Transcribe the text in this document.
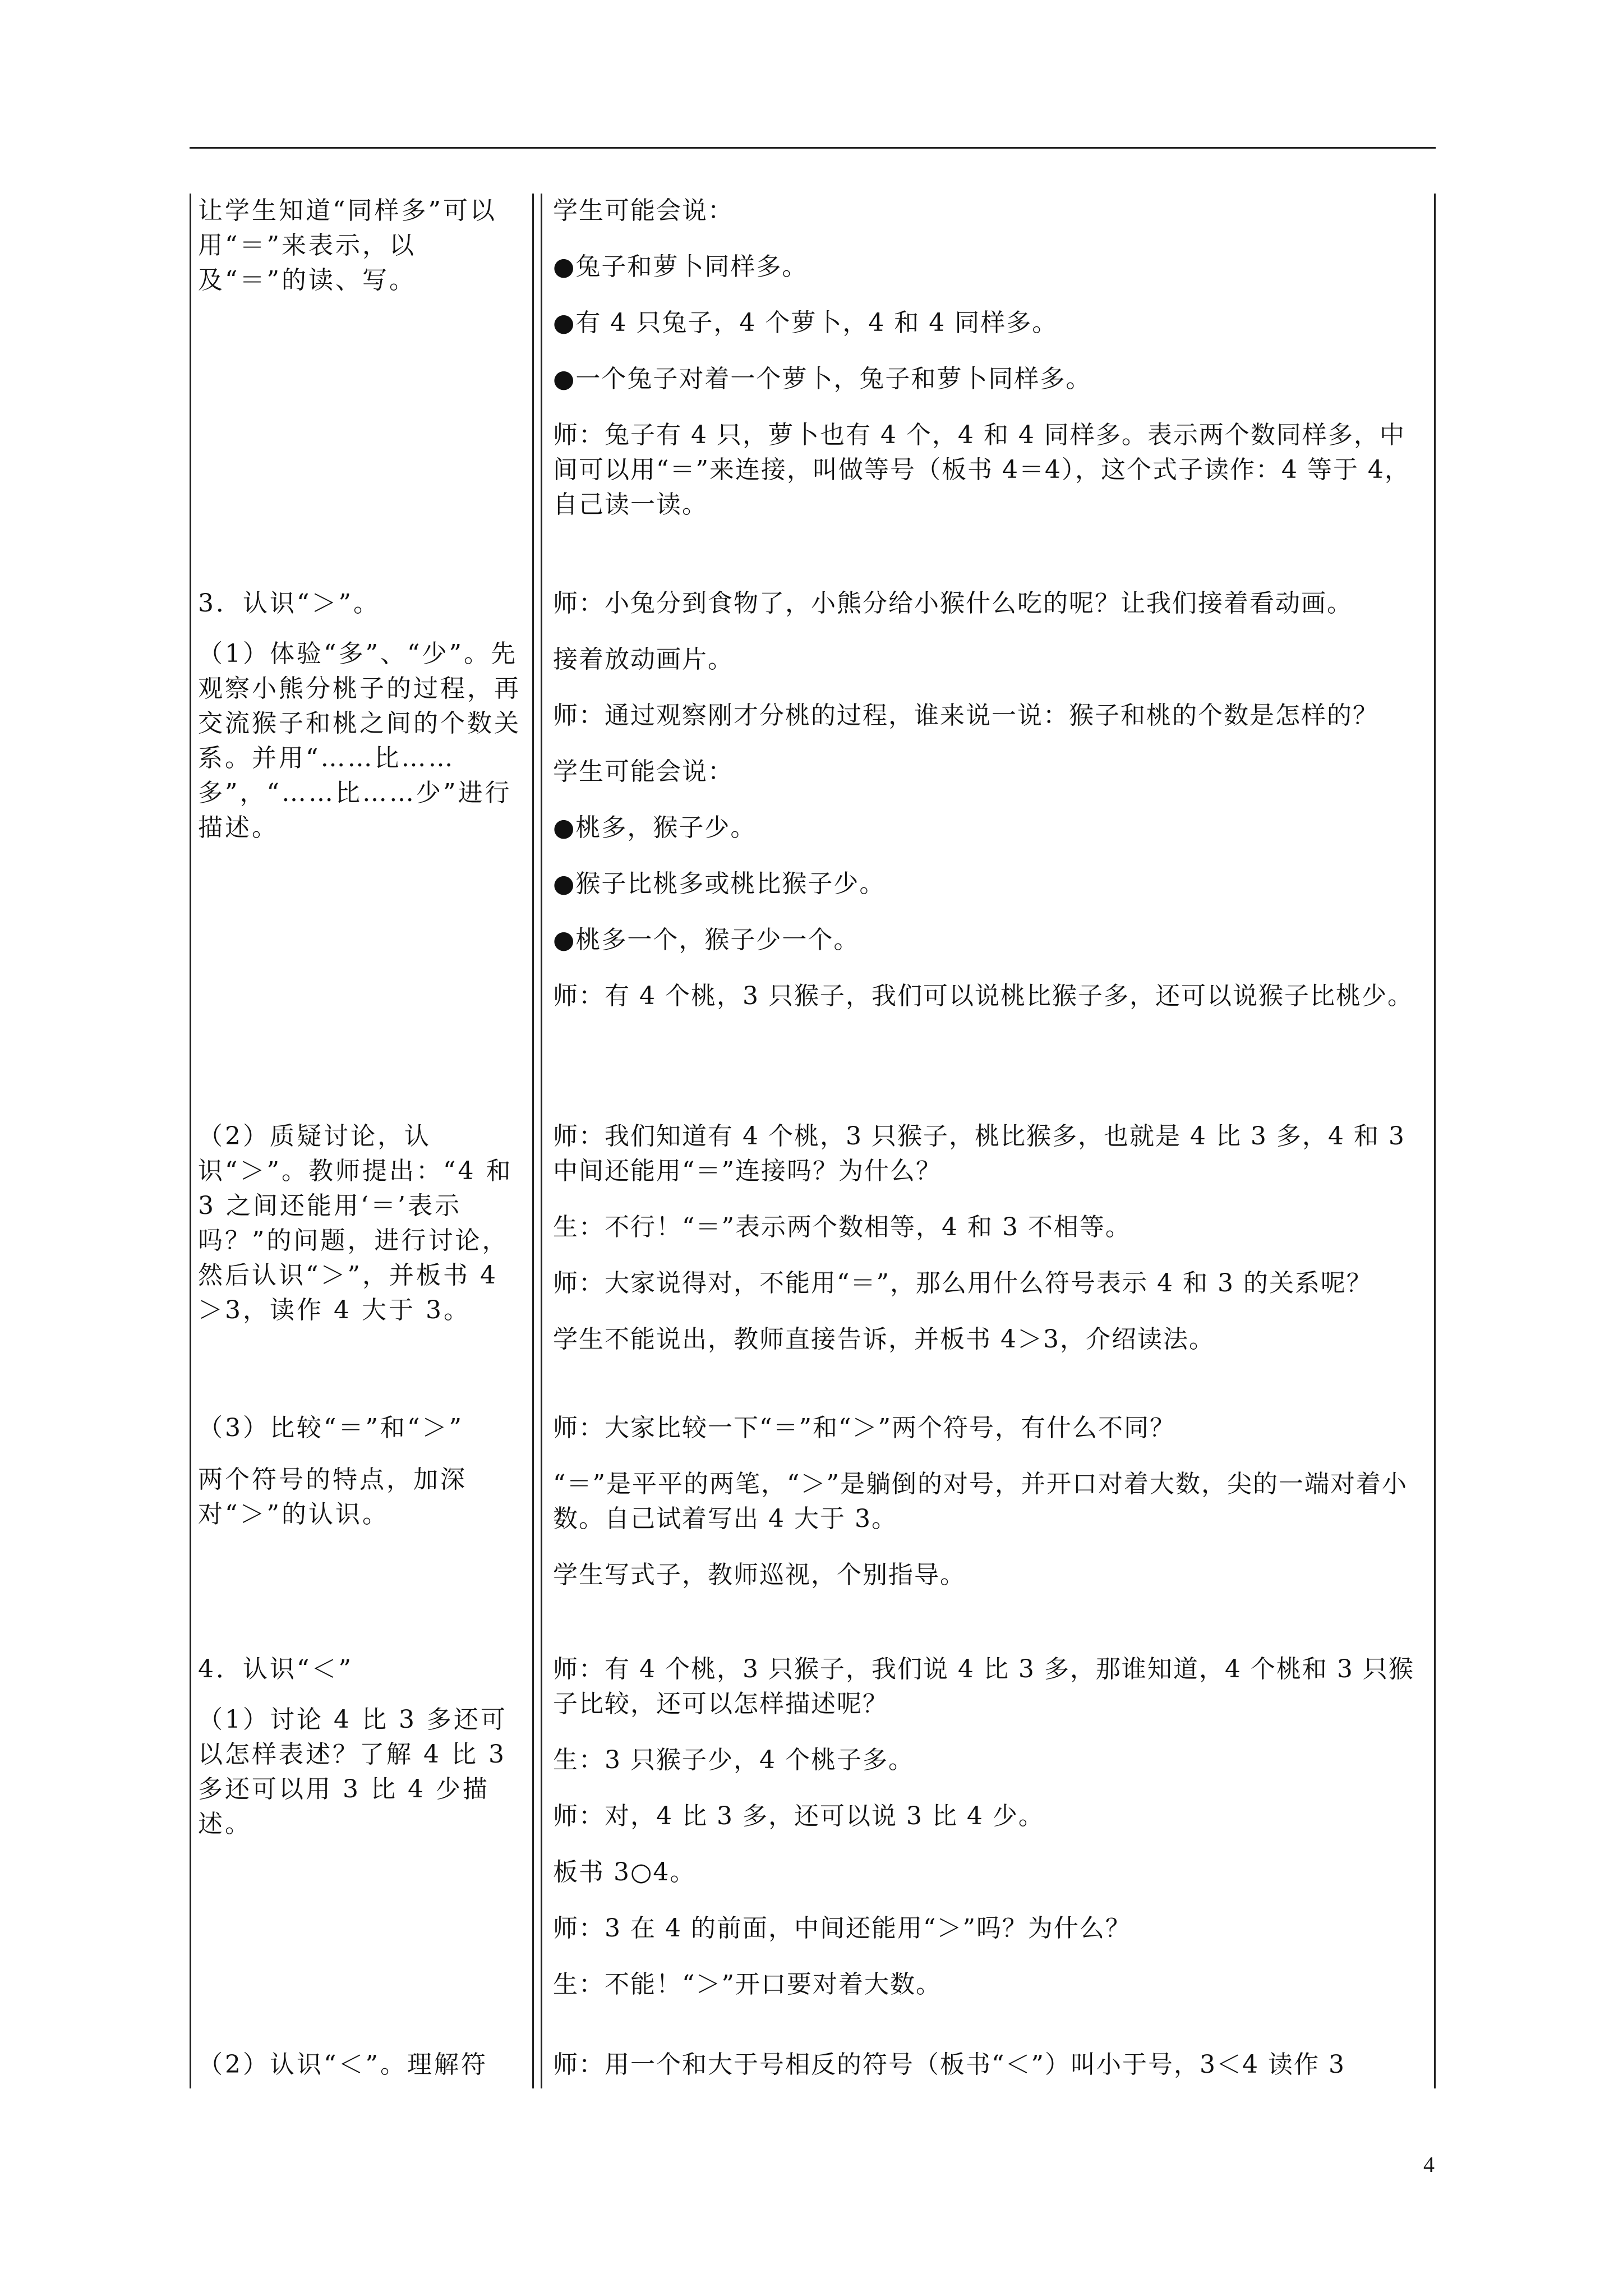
让学生知道“同样多”可以用“＝”来表示，以及“＝”的读、写。

学生可能会说：

●兔子和萝卜同样多。

●有 4 只兔子，4 个萝卜，4 和 4 同样多。

●一个兔子对着一个萝卜，兔子和萝卜同样多。

师：兔子有 4 只，萝卜也有 4 个，4 和 4 同样多。表示两个数同样多，中间可以用“＝”来连接，叫做等号（板书 4＝4），这个式子读作：4 等于 4，自己读一读。

3．认识“＞”。

（1）体验“多”、“少”。先观察小熊分桃子的过程，再交流猴子和桃之间的个数关系。并用“……比……多”，“……比……少”进行描述。

师：小兔分到食物了，小熊分给小猴什么吃的呢？让我们接着看动画。

接着放动画片。

师：通过观察刚才分桃的过程，谁来说一说：猴子和桃的个数是怎样的？

学生可能会说：

●桃多，猴子少。

●猴子比桃多或桃比猴子少。

●桃多一个，猴子少一个。

师：有 4 个桃，3 只猴子，我们可以说桃比猴子多，还可以说猴子比桃少。

（2）质疑讨论，认识“＞”。教师提出：“4 和 3 之间还能用‘＝’表示吗？”的问题，进行讨论，然后认识“＞”，并板书 4＞3，读作 4 大于 3。

师：我们知道有 4 个桃，3 只猴子，桃比猴多，也就是 4 比 3 多，4 和 3 中间还能用“＝”连接吗？为什么？

生：不行！“＝”表示两个数相等，4 和 3 不相等。

师：大家说得对，不能用“＝”，那么用什么符号表示 4 和 3 的关系呢？

学生不能说出，教师直接告诉，并板书 4＞3，介绍读法。

（3）比较“＝”和“＞”

两个符号的特点，加深对“＞”的认识。

师：大家比较一下“＝”和“＞”两个符号，有什么不同？

“＝”是平平的两笔，“＞”是躺倒的对号，并开口对着大数，尖的一端对着小数。自己试着写出 4 大于 3。

学生写式子，教师巡视，个别指导。

4．认识“＜”

（1）讨论 4 比 3 多还可以怎样表述？了解 4 比 3 多还可以用 3 比 4 少描述。

师：有 4 个桃，3 只猴子，我们说 4 比 3 多，那谁知道，4 个桃和 3 只猴子比较，还可以怎样描述呢？

生：3 只猴子少，4 个桃子多。

师：对，4 比 3 多，还可以说 3 比 4 少。

板书 3○4。

师：3 在 4 的前面，中间还能用“＞”吗？为什么？

生：不能！“＞”开口要对着大数。

（2）认识“＜”。理解符	师：用一个和大于号相反的符号（板书“＜”）叫小于号，3＜4 读作 3

4
